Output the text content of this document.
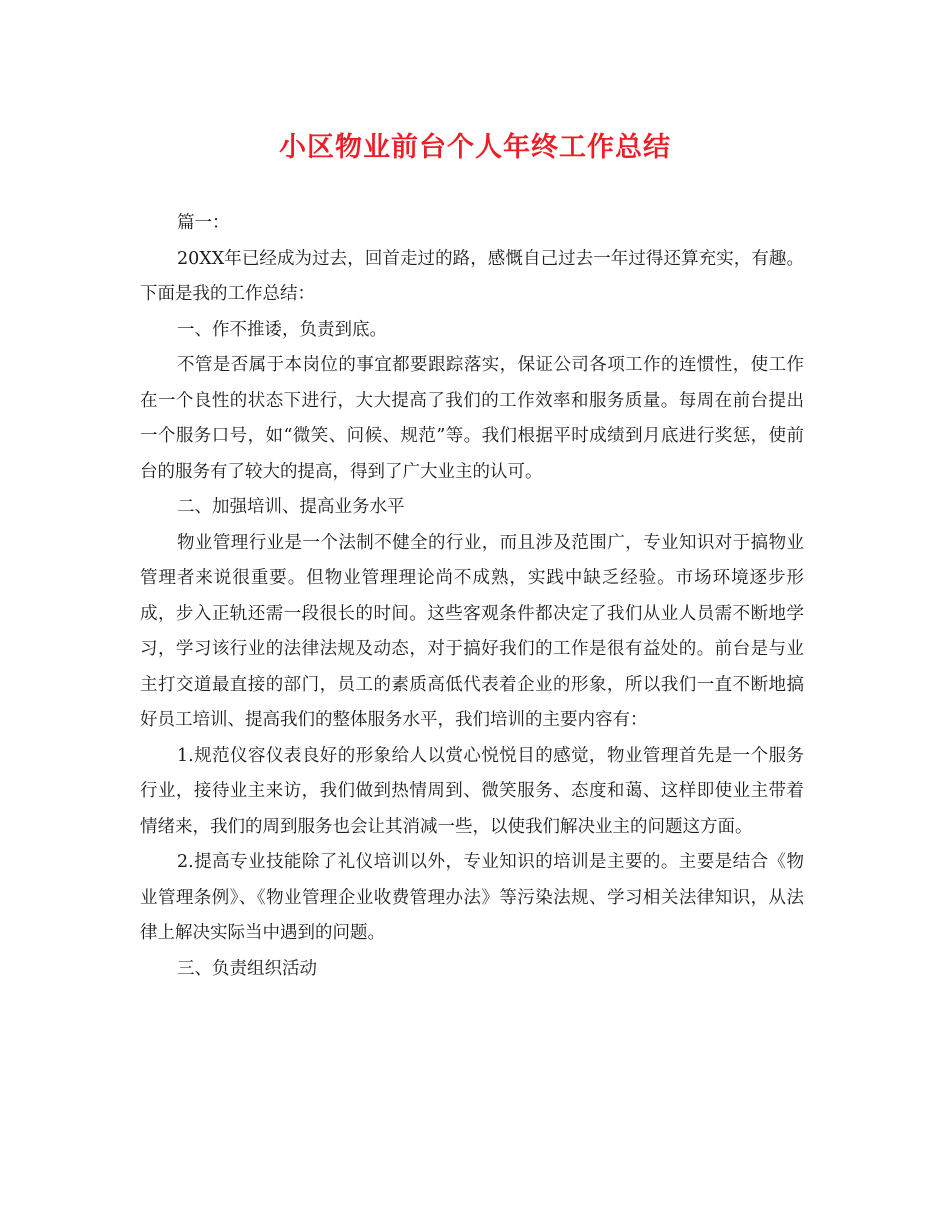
小区物业前台个人年终工作总结

篇一：

20XX年已经成为过去，回首走过的路，感慨自己过去一年过得还算充实，有趣。下面是我的工作总结：

一、作不推诿，负责到底。

不管是否属于本岗位的事宜都要跟踪落实，保证公司各项工作的连惯性，使工作在一个良性的状态下进行，大大提高了我们的工作效率和服务质量。每周在前台提出一个服务口号，如“微笑、问候、规范”等。我们根据平时成绩到月底进行奖惩，使前台的服务有了较大的提高，得到了广大业主的认可。

二、加强培训、提高业务水平

物业管理行业是一个法制不健全的行业，而且涉及范围广，专业知识对于搞物业管理者来说很重要。但物业管理理论尚不成熟，实践中缺乏经验。市场环境逐步形成，步入正轨还需一段很长的时间。这些客观条件都决定了我们从业人员需不断地学习，学习该行业的法律法规及动态，对于搞好我们的工作是很有益处的。前台是与业主打交道最直接的部门，员工的素质高低代表着企业的形象，所以我们一直不断地搞好员工培训、提高我们的整体服务水平，我们培训的主要内容有：

1.规范仪容仪表良好的形象给人以赏心悦悦目的感觉，物业管理首先是一个服务行业，接待业主来访，我们做到热情周到、微笑服务、态度和蔼、这样即使业主带着情绪来，我们的周到服务也会让其消减一些，以使我们解决业主的问题这方面。

2.提高专业技能除了礼仪培训以外，专业知识的培训是主要的。主要是结合《物业管理条例》、《物业管理企业收费管理办法》等污染法规、学习相关法律知识，从法律上解决实际当中遇到的问题。

三、负责组织活动
